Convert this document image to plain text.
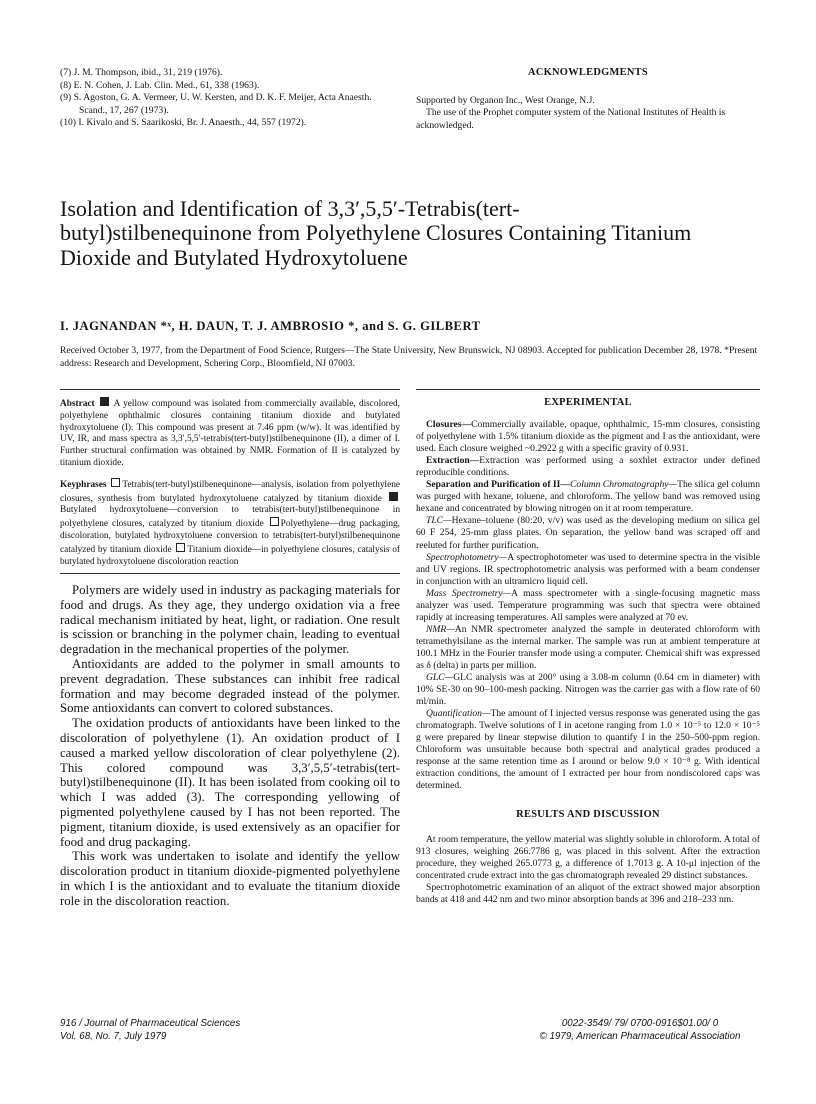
(7) J. M. Thompson, ibid., 31, 219 (1976).

(8) E. N. Cohen, J. Lab. Clin. Med., 61, 338 (1963).

(9) S. Agoston, G. A. Vermeer, U. W. Kersten, and D. K. F. Meijer, Acta Anaesth. Scand., 17, 267 (1973).

(10) I. Kivalo and S. Saarikoski, Br. J. Anaesth., 44, 557 (1972).

ACKNOWLEDGMENTS

Supported by Organon Inc., West Orange, N.J.

The use of the Prophet computer system of the National Institutes of Health is acknowledged.

Isolation and Identification of 3,3′,5,5′-Tetrabis(tert-butyl)stilbenequinone from Polyethylene Closures Containing Titanium Dioxide and Butylated Hydroxytoluene

I. JAGNANDAN *ˣ, H. DAUN, T. J. AMBROSIO *, and S. G. GILBERT

Received October 3, 1977, from the Department of Food Science, Rutgers—The State University, New Brunswick, NJ 08903. Accepted for publication December 28, 1978. *Present address: Research and Development, Schering Corp., Bloomfield, NJ 07003.

Abstract A yellow compound was isolated from commercially available, discolored, polyethylene ophthalmic closures containing titanium dioxide and butylated hydroxytoluene (I). This compound was present at 7.46 ppm (w/w). It was identified by UV, IR, and mass spectra as 3,3′,5,5′-tetrabis(tert-butyl)stilbenequinone (II), a dimer of I. Further structural confirmation was obtained by NMR. Formation of II is catalyzed by titanium dioxide.

Keyphrases Tetrabis(tert-butyl)stilbenequinone—analysis, isolation from polyethylene closures, synthesis from butylated hydroxytoluene catalyzed by titanium dioxide Butylated hydroxytoluene—conversion to tetrabis(tert-butyl)stilbenequinone in polyethylene closures, catalyzed by titanium dioxide Polyethylene—drug packaging, discoloration, butylated hydroxytoluene conversion to tetrabis(tert-butyl)stilbenequinone catalyzed by titanium dioxide Titanium dioxide—in polyethylene closures, catalysis of butylated hydroxytoluene discoloration reaction

Polymers are widely used in industry as packaging materials for food and drugs. As they age, they undergo oxidation via a free radical mechanism initiated by heat, light, or radiation. One result is scission or branching in the polymer chain, leading to eventual degradation in the mechanical properties of the polymer.

Antioxidants are added to the polymer in small amounts to prevent degradation. These substances can inhibit free radical formation and may become degraded instead of the polymer. Some antioxidants can convert to colored substances.

The oxidation products of antioxidants have been linked to the discoloration of polyethylene (1). An oxidation product of I caused a marked yellow discoloration of clear polyethylene (2). This colored compound was 3,3′,5,5′-tetrabis(tert-butyl)stilbenequinone (II). It has been isolated from cooking oil to which I was added (3). The corresponding yellowing of pigmented polyethylene caused by I has not been reported. The pigment, titanium dioxide, is used extensively as an opacifier for food and drug packaging.

This work was undertaken to isolate and identify the yellow discoloration product in titanium dioxide-pigmented polyethylene in which I is the antioxidant and to evaluate the titanium dioxide role in the discoloration reaction.

EXPERIMENTAL

Closures—Commercially available, opaque, ophthalmic, 15-mm closures, consisting of polyethylene with 1.5% titanium dioxide as the pigment and I as the antioxidant, were used. Each closure weighed ~0.2922 g with a specific gravity of 0.931.

Extraction—Extraction was performed using a soxhlet extractor under defined reproducible conditions.

Separation and Purification of II—Column Chromatography—The silica gel column was purged with hexane, toluene, and chloroform. The yellow band was removed using hexane and concentrated by blowing nitrogen on it at room temperature.

TLC—Hexane–toluene (80:20, v/v) was used as the developing medium on silica gel 60 F 254, 25-mm glass plates. On separation, the yellow band was scraped off and reeluted for further purification.

Spectrophotometry—A spectrophotometer was used to determine spectra in the visible and UV regions. IR spectrophotometric analysis was performed with a beam condenser in conjunction with an ultramicro liquid cell.

Mass Spectrometry—A mass spectrometer with a single-focusing magnetic mass analyzer was used. Temperature programming was such that spectra were obtained rapidly at increasing temperatures. All samples were analyzed at 70 ev.

NMR—An NMR spectrometer analyzed the sample in deuterated chloroform with tetramethylsilane as the internal marker. The sample was run at ambient temperature at 100.1 MHz in the Fourier transfer mode using a computer. Chemical shift was expressed as δ (delta) in parts per million.

GLC—GLC analysis was at 200° using a 3.08-m column (0.64 cm in diameter) with 10% SE-30 on 90–100-mesh packing. Nitrogen was the carrier gas with a flow rate of 60 ml/min.

Quantification—The amount of I injected versus response was generated using the gas chromatograph. Twelve solutions of I in acetone ranging from 1.0 × 10⁻⁵ to 12.0 × 10⁻⁵ g were prepared by linear stepwise dilution to quantify I in the 250–500-ppm region. Chloroform was unsuitable because both spectral and analytical grades produced a response at the same retention time as I around or below 9.0 × 10⁻⁸ g. With identical extraction conditions, the amount of I extracted per hour from nondiscolored caps was determined.

RESULTS AND DISCUSSION

At room temperature, the yellow material was slightly soluble in chloroform. A total of 913 closures, weighing 266.7786 g, was placed in this solvent. After the extraction procedure, they weighed 265.0773 g, a difference of 1.7013 g. A 10-μl injection of the concentrated crude extract into the gas chromatograph revealed 29 distinct substances.

Spectrophotometric examination of an aliquot of the extract showed major absorption bands at 418 and 442 nm and two minor absorption bands at 396 and 218–233 nm.

916 / Journal of Pharmaceutical Sciences
Vol. 68, No. 7, July 1979
0022-3549/ 79/ 0700-0916$01.00/ 0
© 1979, American Pharmaceutical Association
